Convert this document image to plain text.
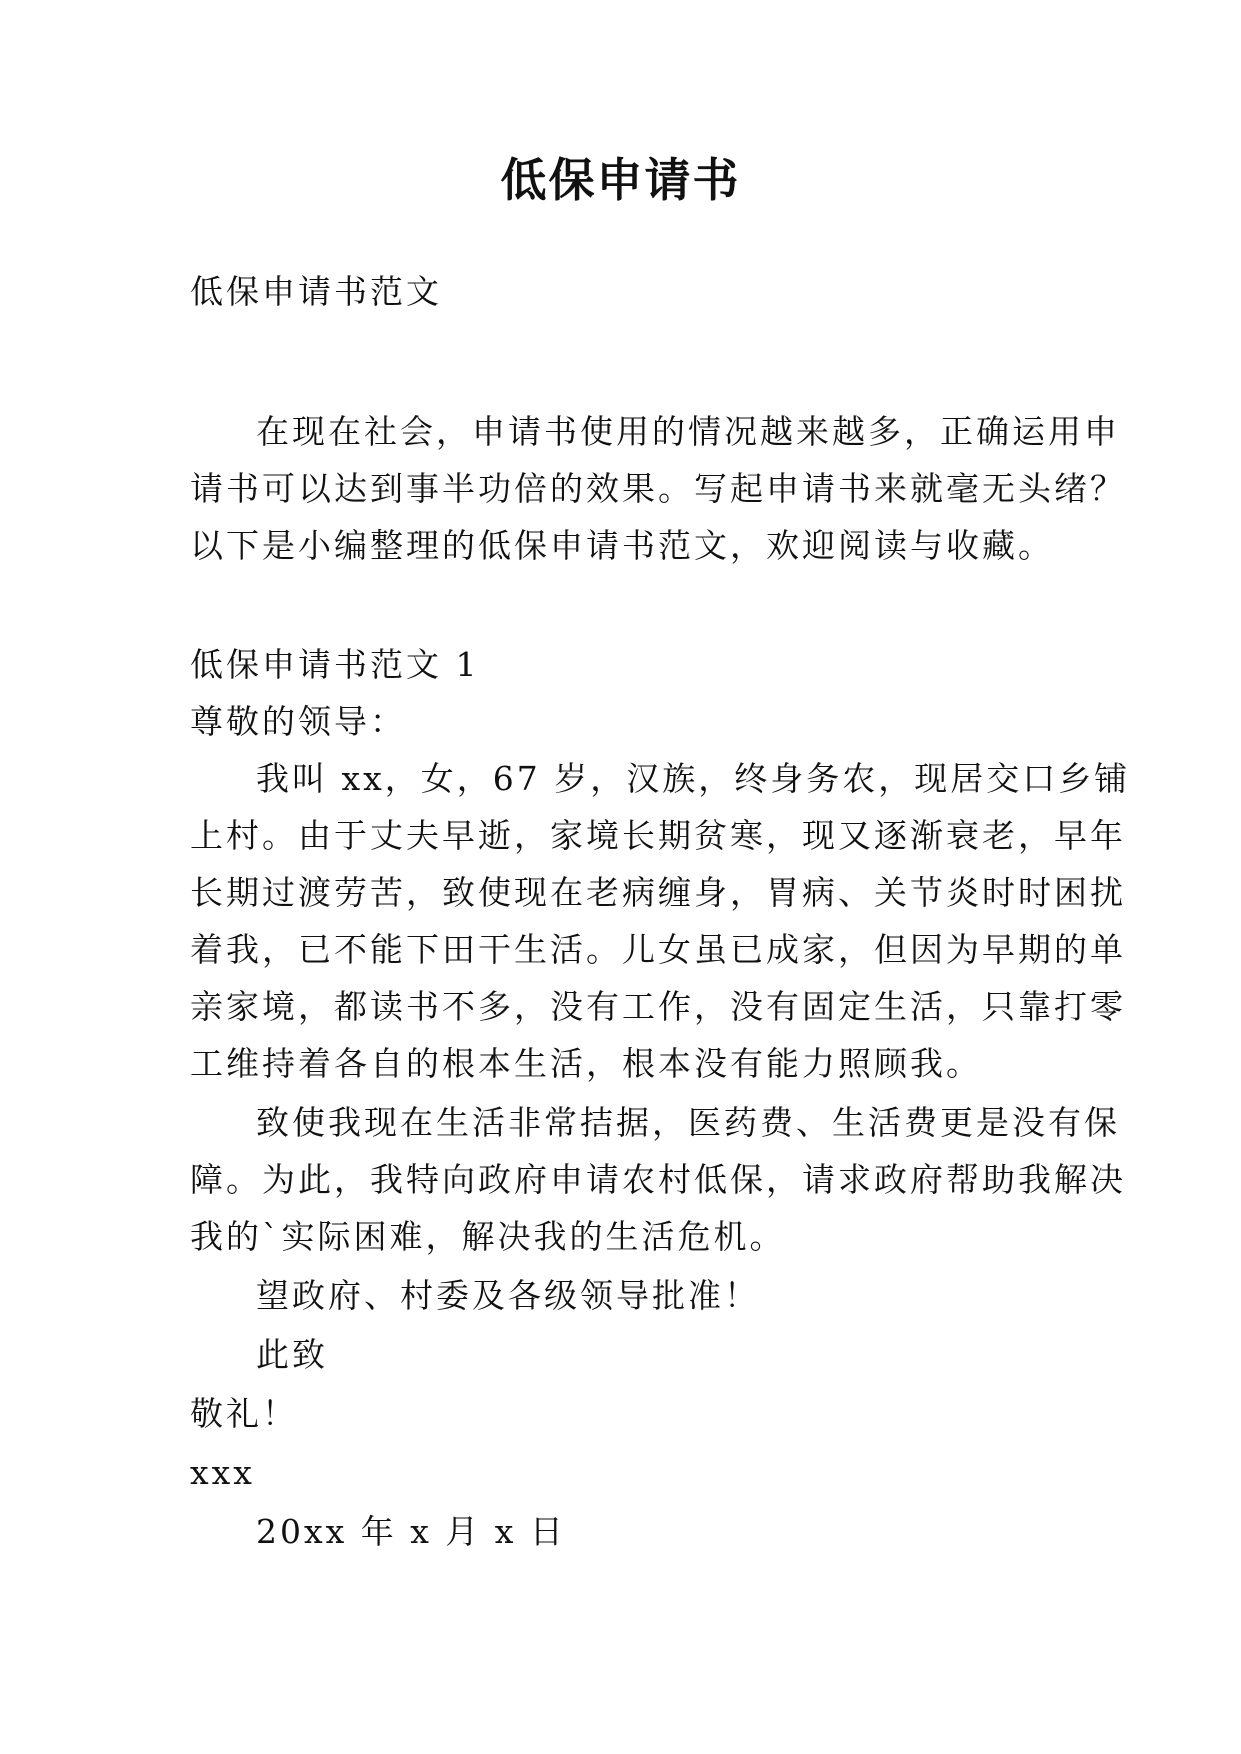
低保申请书
低保申请书范文
在现在社会，申请书使用的情况越来越多，正确运用申
请书可以达到事半功倍的效果。写起申请书来就毫无头绪？
以下是小编整理的低保申请书范文，欢迎阅读与收藏。
低保申请书范文 1
尊敬的领导：
我叫 xx，女，67 岁，汉族，终身务农，现居交口乡铺
上村。由于丈夫早逝，家境长期贫寒，现又逐渐衰老，早年
长期过渡劳苦，致使现在老病缠身，胃病、关节炎时时困扰
着我，已不能下田干生活。儿女虽已成家，但因为早期的单
亲家境，都读书不多，没有工作，没有固定生活，只靠打零
工维持着各自的根本生活，根本没有能力照顾我。
致使我现在生活非常拮据，医药费、生活费更是没有保
障。为此，我特向政府申请农村低保，请求政府帮助我解决
我的`实际困难，解决我的生活危机。
望政府、村委及各级领导批准！
此致
敬礼！
xxx
20xx 年 x 月 x 日
